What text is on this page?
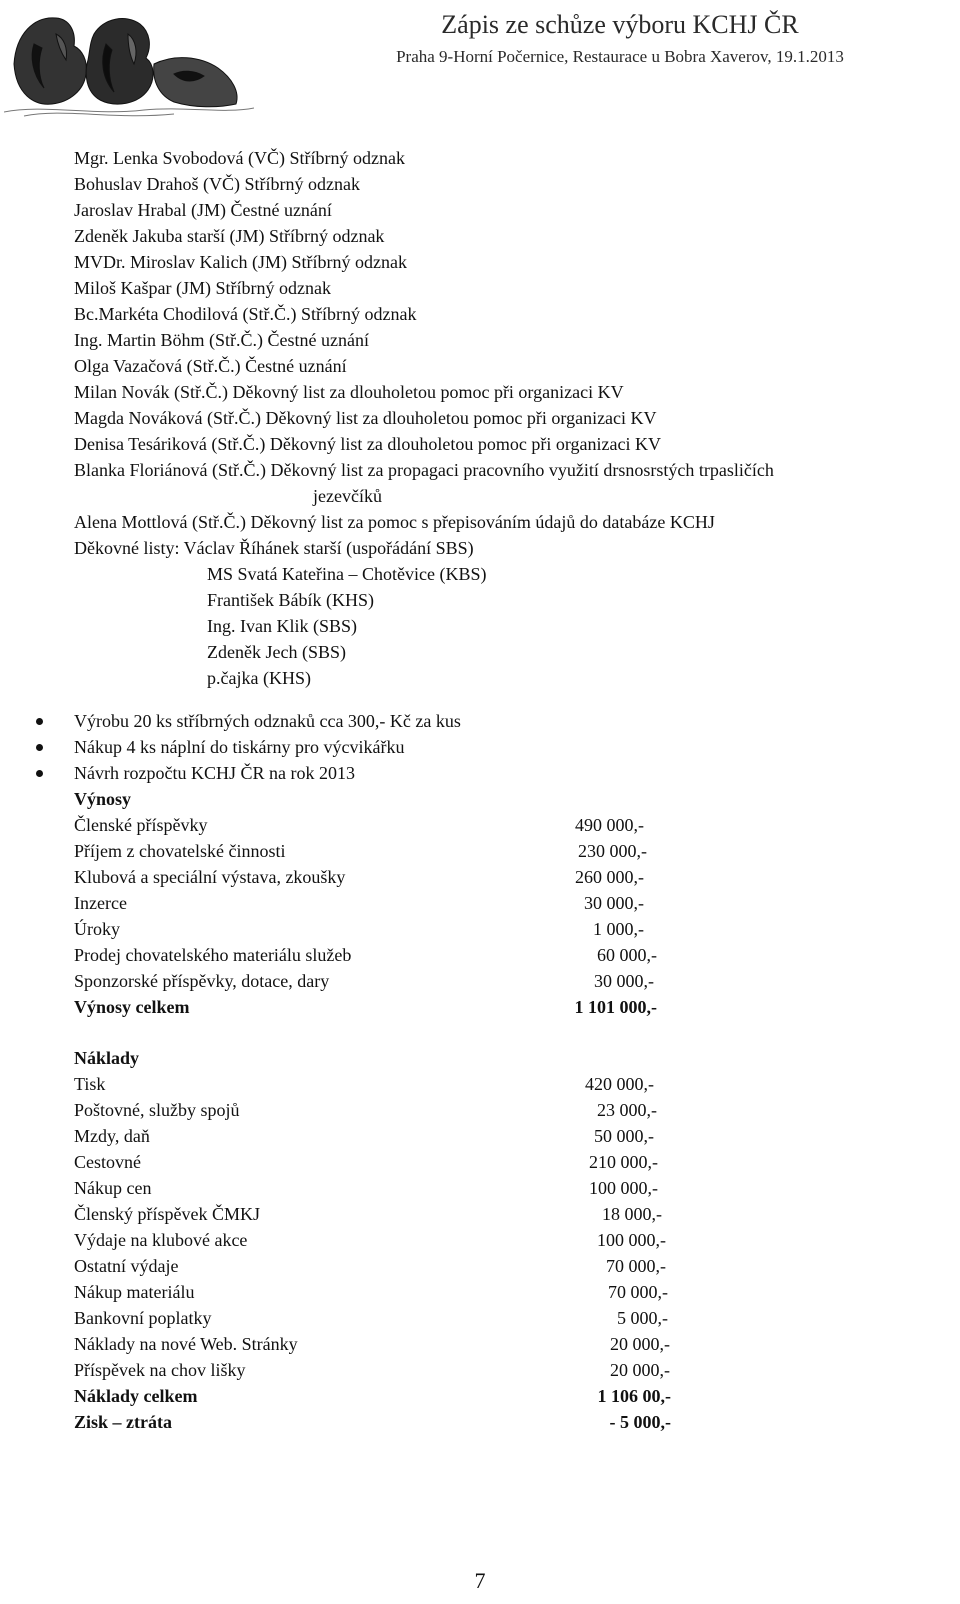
Zápis ze schůze výboru KCHJ ČR
Praha 9-Horní Počernice, Restaurace u Bobra Xaverov, 19.1.2013
Mgr. Lenka Svobodová (VČ) Stříbrný odznak
Bohuslav Drahoš (VČ) Stříbrný odznak
Jaroslav Hrabal (JM) Čestné uznání
Zdeněk Jakuba starší (JM) Stříbrný odznak
MVDr. Miroslav Kalich (JM) Stříbrný odznak
Miloš Kašpar (JM) Stříbrný odznak
Bc.Markéta Chodilová (Stř.Č.) Stříbrný odznak
Ing. Martin Böhm (Stř.Č.) Čestné uznání
Olga Vazačová (Stř.Č.) Čestné uznání
Milan Novák (Stř.Č.) Děkovný list za dlouholetou pomoc při organizaci KV
Magda Nováková (Stř.Č.) Děkovný list za dlouholetou pomoc při organizaci KV
Denisa Tesáriková (Stř.Č.) Děkovný list za dlouholetou pomoc při organizaci KV
Blanka Floriánová (Stř.Č.) Děkovný list za propagaci pracovního využití drsnosrstých trpasličích
jezevčíků
Alena Mottlová (Stř.Č.) Děkovný list za pomoc s přepisováním údajů do databáze KCHJ
Děkovné listy: Václav Říhánek starší (uspořádání SBS)
MS Svatá Kateřina – Chotěvice (KBS)
František Bábík (KHS)
Ing. Ivan Klik (SBS)
Zdeněk Jech (SBS)
p.čajka (KHS)
Výrobu 20 ks stříbrných odznaků cca 300,- Kč za kus
Nákup 4 ks náplní do tiskárny pro výcvikářku
Návrh rozpočtu KCHJ ČR na rok 2013
Výnosy
Členské příspěvky	490 000,-
Příjem z chovatelské činnosti	230 000,-
Klubová a speciální výstava, zkoušky	260 000,-
Inzerce	30 000,-
Úroky	1 000,-
Prodej chovatelského materiálu služeb	60 000,-
Sponzorské příspěvky, dotace, dary	30 000,-
Výnosy celkem	1 101 000,-
Náklady
Tisk	420 000,-
Poštovné, služby spojů	23 000,-
Mzdy, daň	50 000,-
Cestovné	210 000,-
Nákup cen	100 000,-
Členský příspěvek ČMKJ	18 000,-
Výdaje na klubové akce	100 000,-
Ostatní výdaje	70 000,-
Nákup materiálu	70 000,-
Bankovní poplatky	5 000,-
Náklady na nové Web. Stránky	20 000,-
Příspěvek na chov lišky	20 000,-
Náklady celkem	1 106 00,-
Zisk – ztráta	- 5 000,-
7
